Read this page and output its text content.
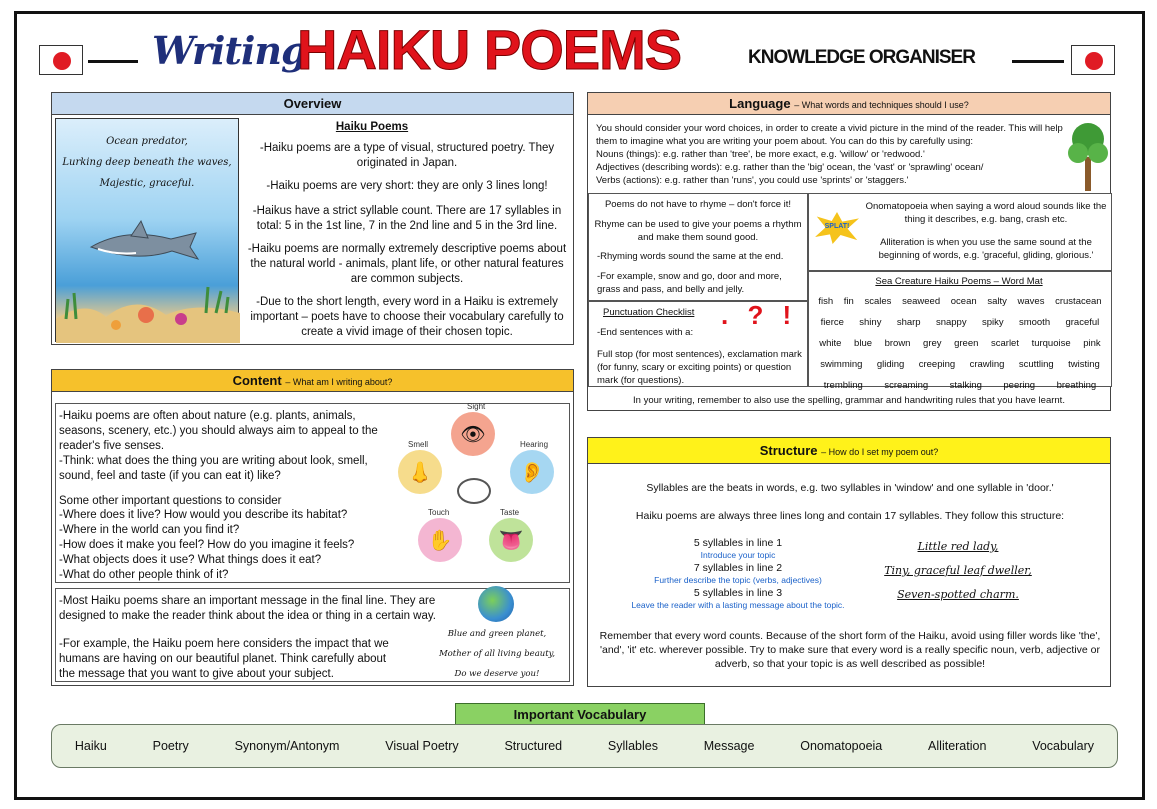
Writing
HAIKU POEMS	KNOWLEDGE ORGANISER
Overview
Ocean predator,
Lurking deep beneath the waves,
Majestic, graceful.
Haiku Poems
-Haiku poems are a type of visual, structured poetry. They originated in Japan.
-Haiku poems are very short: they are only 3 lines long!
-Haikus have a strict syllable count. There are 17 syllables in total: 5 in the 1st line, 7 in the 2nd line and 5 in the 3rd line.
-Haiku poems are normally extremely descriptive poems about the natural world - animals, plant life, or other natural features are common subjects.
-Due to the short length, every word in a Haiku is extremely important – poets have to choose their vocabulary carefully to create a vivid image of their chosen topic.
Content – What am I writing about?
-Haiku poems are often about nature (e.g. plants, animals, seasons, scenery, etc.) you should always aim to appeal to the reader's five senses.
-Think: what does the thing you are writing about look, smell, sound, feel and taste (if you can eat it) like?
Some other important questions to consider
-Where does it live? How would you describe its habitat?
-Where in the world can you find it?
-How does it make you feel? How do you imagine it feels?
-What objects does it use? What things does it eat?
-What do other people think of it?
Sight
👁
Smell
👃
Hearing
👂
Touch
✋
Taste
👅
-Most Haiku poems share an important message in the final line. They are designed to make the reader think about the idea or thing in a certain way.
-For example, the Haiku poem here considers the impact that we humans are having on our beautiful planet. Think carefully about the message that you want to give about your subject.
Blue and green planet,
Mother of all living beauty,
Do we deserve you!
Language – What words and techniques should I use?
You should consider your word choices, in order to create a vivid picture in the mind of the reader. This will help them to imagine what you are writing your poem about. You can do this by carefully using:
Nouns (things): e.g. rather than 'tree', be more exact, e.g. 'willow' or 'redwood.'
Adjectives (describing words): e.g. rather than the 'big' ocean, the 'vast' or 'sprawling' ocean/
Verbs (actions): e.g. rather than 'runs', you could use 'sprints' or 'staggers.'
Poems do not have to rhyme – don't force it!
Rhyme can be used to give your poems a rhythm and make them sound good.
-Rhyming words sound the same at the end.
-For example, snow and go, door and more, grass and pass, and belly and jelly.
SPLAT!
Onomatopoeia when saying a word aloud sounds like the thing it describes, e.g. bang, crash etc.
Alliteration is when you use the same sound at the beginning of words, e.g. 'graceful, gliding, glorious.'
Punctuation Checklist	. ? !
-End sentences with a:
Full stop (for most sentences), exclamation mark (for funny, scary or exciting points) or question mark (for questions).
Sea Creature Haiku Poems – Word Mat
fish fin scales seaweed ocean salty waves crustacean
fierce shiny sharp snappy spiky smooth graceful
white blue brown grey green scarlet turquoise pink
swimming gliding creeping crawling scuttling twisting
trembling screaming stalking peering breathing
In your writing, remember to also use the spelling, grammar and handwriting rules that you have learnt.
Structure – How do I set my poem out?
Syllables are the beats in words, e.g. two syllables in 'window' and one syllable in 'door.'
Haiku poems are always three lines long and contain 17 syllables. They follow this structure:
5 syllables in line 1
Introduce your topic
7 syllables in line 2
Further describe the topic (verbs, adjectives)
5 syllables in line 3
Leave the reader with a lasting message about the topic.
Little red lady,
Tiny, graceful leaf dweller,
Seven-spotted charm.
Remember that every word counts. Because of the short form of the Haiku, avoid using filler words like 'the', 'and', 'it' etc. wherever possible. Try to make sure that every word is a really specific noun, verb, adjective or adverb, so that your topic is as well described as possible!
Important Vocabulary
Haiku	Poetry	Synonym/Antonym	Visual Poetry	Structured	Syllables	Message	Onomatopoeia	Alliteration	Vocabulary
